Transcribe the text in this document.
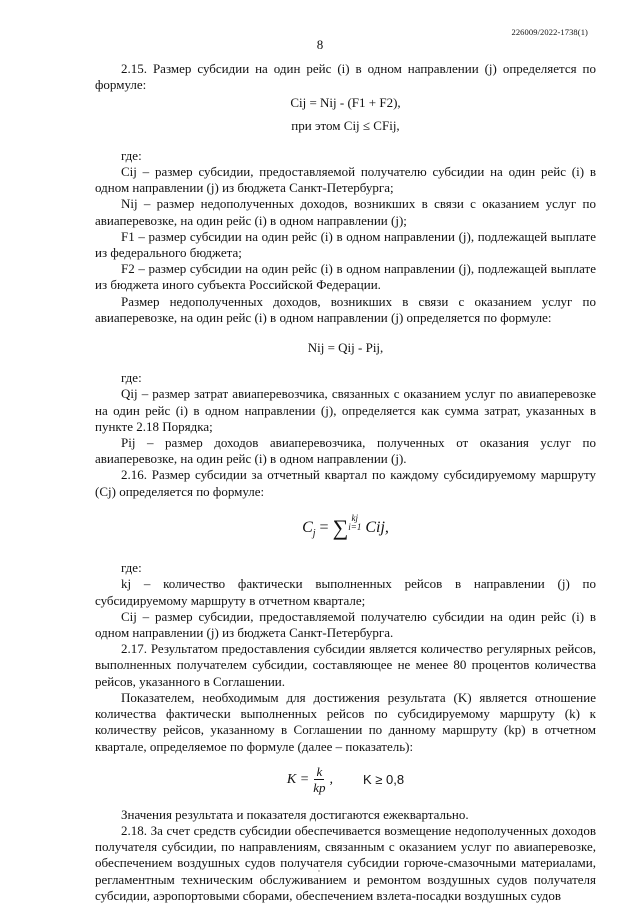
226009/2022-1738(1)
8

2.15. Размер субсидии на один рейс (i) в одном направлении (j) определяется по формуле:

Cij = Nij - (F1 + F2),

при этом Cij ≤ CFij,

где:

Cij – размер субсидии, предоставляемой получателю субсидии на один рейс (i) в одном направлении (j) из бюджета Санкт-Петербурга;

Nij – размер недополученных доходов, возникших в связи с оказанием услуг по авиаперевозке, на один рейс (i) в одном направлении (j);

F1 – размер субсидии на один рейс (i) в одном направлении (j), подлежащей выплате из федерального бюджета;

F2 – размер субсидии на один рейс (i) в одном направлении (j), подлежащей выплате из бюджета иного субъекта Российской Федерации.

Размер недополученных доходов, возникших в связи с оказанием услуг по авиаперевозке, на один рейс (i) в одном направлении (j) определяется по формуле:

Nij = Qij - Pij,

где:

Qij – размер затрат авиаперевозчика, связанных с оказанием услуг по авиаперевозке на один рейс (i) в одном направлении (j), определяется как сумма затрат, указанных в пункте 2.18 Порядка;

Pij – размер доходов авиаперевозчика, полученных от оказания услуг по авиаперевозке, на один рейс (i) в одном направлении (j).

2.16. Размер субсидии за отчетный квартал по каждому субсидируемому маршруту (Cj) определяется по формуле:

$C_j$ = ∑ kj
i=1 Cij,

где:

kj – количество фактически выполненных рейсов в направлении (j) по субсидируемому маршруту в отчетном квартале;

Cij – размер субсидии, предоставляемой получателю субсидии на один рейс (i) в одном направлении (j) из бюджета Санкт-Петербурга.

2.17. Результатом предоставления субсидии является количество регулярных рейсов, выполненных получателем субсидии, составляющее не менее 80 процентов количества рейсов, указанного в Соглашении.

Показателем, необходимым для достижения результата (K) является отношение количества фактически выполненных рейсов по субсидируемому маршруту (k) к количеству рейсов, указанному в Соглашении по данному маршруту (kp) в отчетном квартале, определяемое по формуле (далее – показатель):

$K = \frac{k}{kp}$ , K ≥ 0,8

Значения результата и показателя достигаются ежеквартально.

2.18. За счет средств субсидии обеспечивается возмещение недополученных доходов получателя субсидии, по направлениям, связанным с оказанием услуг по авиаперевозке, обеспечением воздушных судов получателя субсидии горюче-смазочными материалами, регламентным техническим обслуживанием и ремонтом воздушных судов получателя субсидии, аэропортовыми сборами, обеспечением взлета-посадки воздушных судов
